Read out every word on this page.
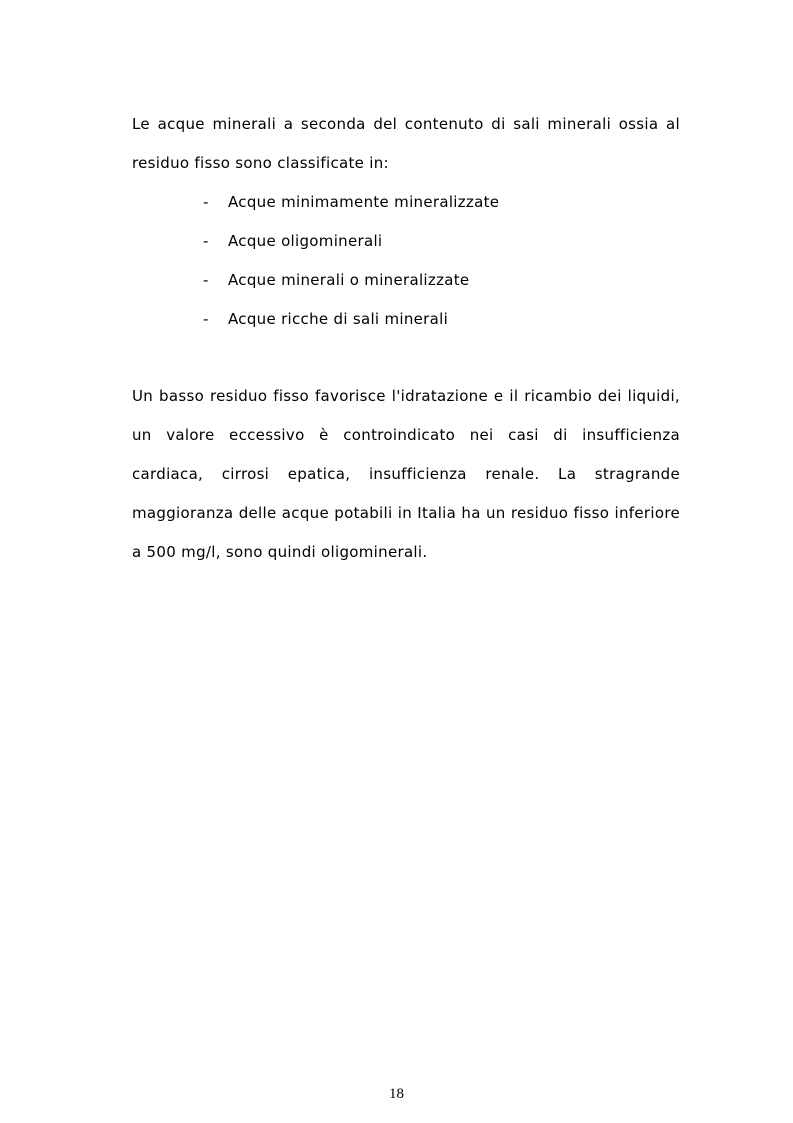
Le acque minerali a seconda del contenuto di sali minerali ossia al residuo fisso sono classificate in:

- Acque minimamente mineralizzate
- Acque oligominerali
- Acque minerali o mineralizzate
- Acque ricche di sali minerali

Un basso residuo fisso favorisce l'idratazione e il ricambio dei liquidi, un valore eccessivo è controindicato nei casi di insufficienza cardiaca, cirrosi epatica, insufficienza renale. La stragrande maggioranza delle acque potabili in Italia ha un residuo fisso inferiore a 500 mg/l, sono quindi oligominerali.

18
